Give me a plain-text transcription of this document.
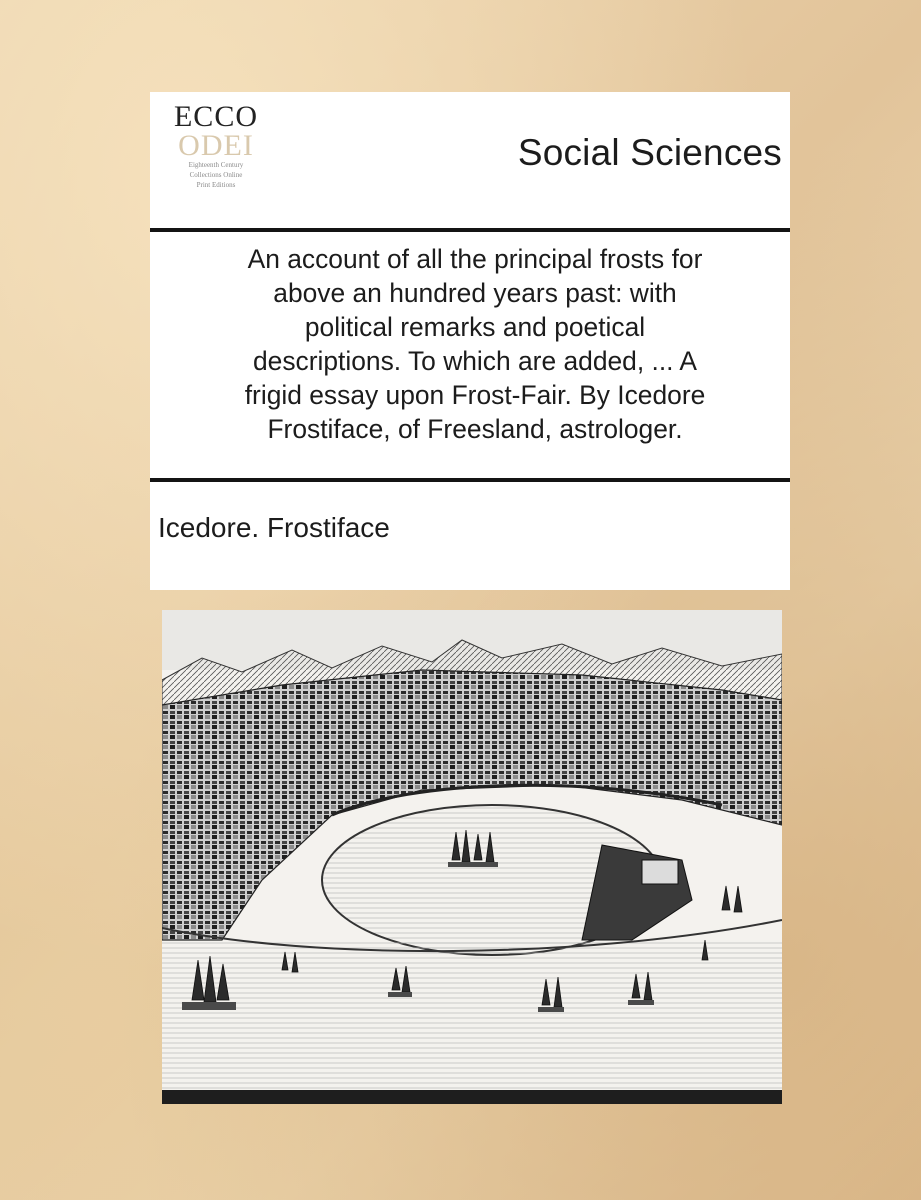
ECCO
ODEI
Eighteenth Century
Collections Online
Print Editions
Social Sciences
An account of all the principal frosts for
above an hundred years past: with
political remarks and poetical
descriptions. To which are added, ... A
frigid essay upon Frost-Fair. By Icedore
Frostiface, of Freesland, astrologer.
Icedore. Frostiface
